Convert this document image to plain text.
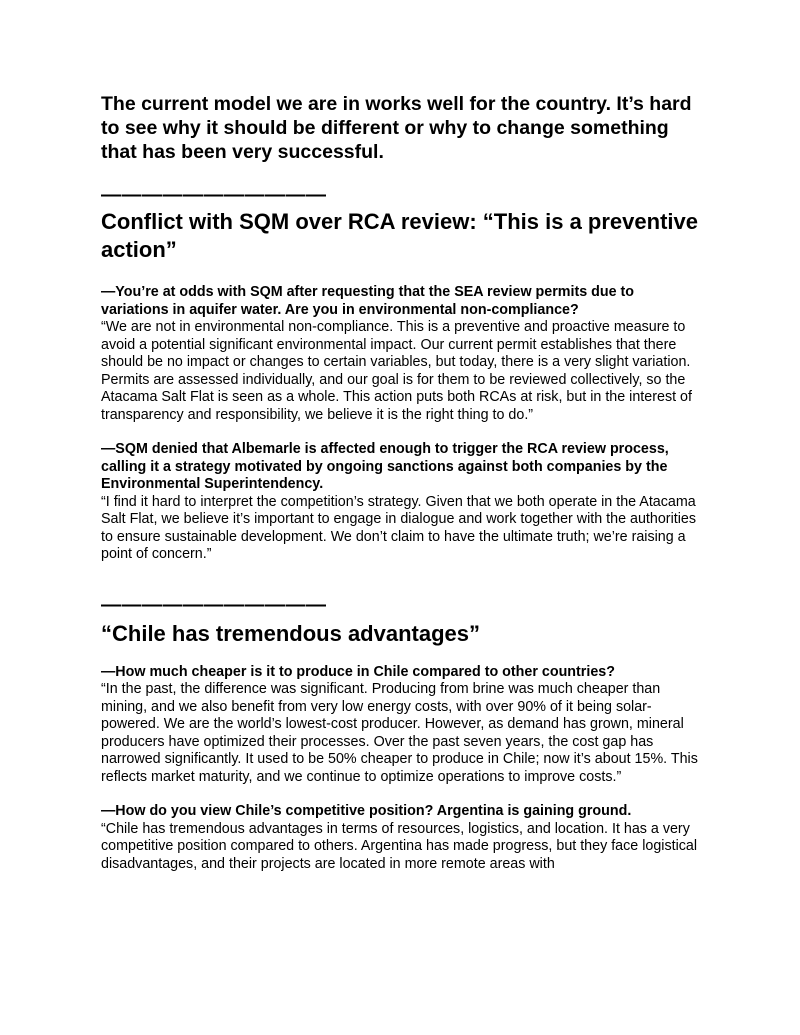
The current model we are in works well for the country. It’s hard to see why it should be different or why to change something that has been very successful.

———————————

Conflict with SQM over RCA review: “This is a preventive action”

—You’re at odds with SQM after requesting that the SEA review permits due to variations in aquifer water. Are you in environmental non-compliance?

“We are not in environmental non-compliance. This is a preventive and proactive measure to avoid a potential significant environmental impact. Our current permit establishes that there should be no impact or changes to certain variables, but today, there is a very slight variation. Permits are assessed individually, and our goal is for them to be reviewed collectively, so the Atacama Salt Flat is seen as a whole. This action puts both RCAs at risk, but in the interest of transparency and responsibility, we believe it is the right thing to do.”

—SQM denied that Albemarle is affected enough to trigger the RCA review process, calling it a strategy motivated by ongoing sanctions against both companies by the Environmental Superintendency.

“I find it hard to interpret the competition’s strategy. Given that we both operate in the Atacama Salt Flat, we believe it’s important to engage in dialogue and work together with the authorities to ensure sustainable development. We don’t claim to have the ultimate truth; we’re raising a point of concern.”

———————————

“Chile has tremendous advantages”

—How much cheaper is it to produce in Chile compared to other countries?

“In the past, the difference was significant. Producing from brine was much cheaper than mining, and we also benefit from very low energy costs, with over 90% of it being solar-powered. We are the world’s lowest-cost producer. However, as demand has grown, mineral producers have optimized their processes. Over the past seven years, the cost gap has narrowed significantly. It used to be 50% cheaper to produce in Chile; now it’s about 15%. This reflects market maturity, and we continue to optimize operations to improve costs.”

—How do you view Chile’s competitive position? Argentina is gaining ground.

“Chile has tremendous advantages in terms of resources, logistics, and location. It has a very competitive position compared to others. Argentina has made progress, but they face logistical disadvantages, and their projects are located in more remote areas with
